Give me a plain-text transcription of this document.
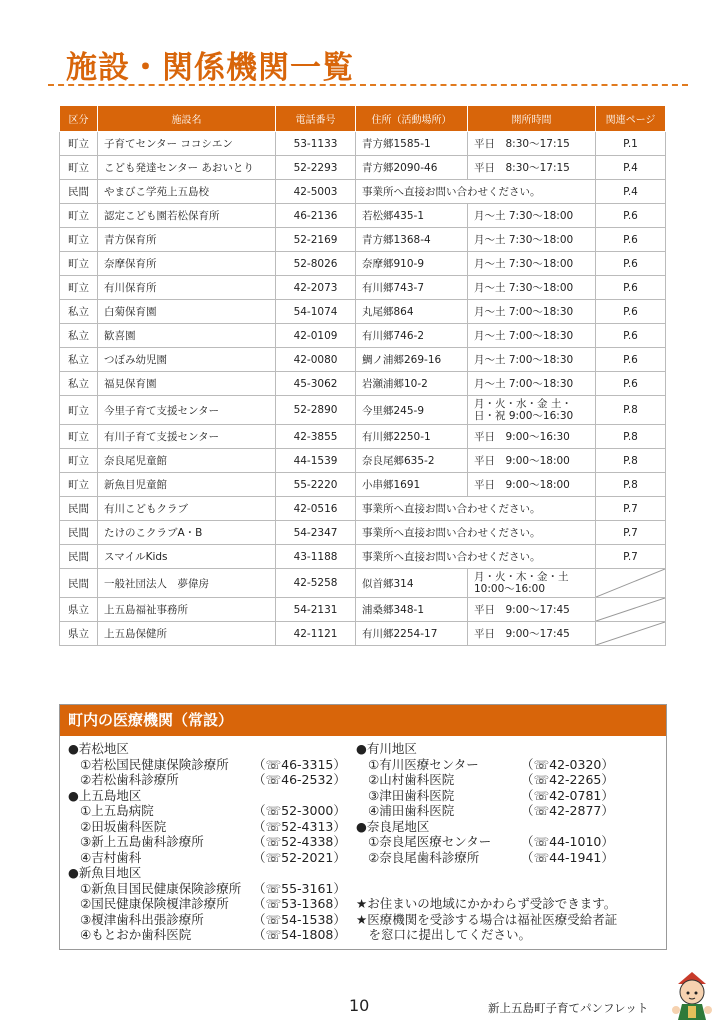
施設・関係機関一覧
区分	施設名	電話番号	住所（活動場所）	開所時間	関連ページ
町立	子育てセンター ココシエン	53-1133	青方郷1585-1	平日　8:30〜17:15	P.1
町立	こども発達センター あおいとり	52-2293	青方郷2090-46	平日　8:30〜17:15	P.4
民間	やまびこ学苑上五島校	42-5003	事業所へ直接お問い合わせください。		P.4
町立	認定こども園若松保育所	46-2136	若松郷435-1	月〜土 7:30〜18:00	P.6
町立	青方保育所	52-2169	青方郷1368-4	月〜土 7:30〜18:00	P.6
町立	奈摩保育所	52-8026	奈摩郷910-9	月〜土 7:30〜18:00	P.6
町立	有川保育所	42-2073	有川郷743-7	月〜土 7:30〜18:00	P.6
私立	白菊保育園	54-1074	丸尾郷864	月〜土 7:00〜18:30	P.6
私立	歓喜園	42-0109	有川郷746-2	月〜土 7:00〜18:30	P.6
私立	つぼみ幼児園	42-0080	鯛ノ浦郷269-16	月〜土 7:00〜18:30	P.6
私立	福見保育園	45-3062	岩瀬浦郷10-2	月〜土 7:00〜18:30	P.6
町立	今里子育て支援センター	52-2890	今里郷245-9	月・火・水・金 土・日・祝 9:00〜16:30	P.8
町立	有川子育て支援センター	42-3855	有川郷2250-1	平日　9:00〜16:30	P.8
町立	奈良尾児童館	44-1539	奈良尾郷635-2	平日　9:00〜18:00	P.8
町立	新魚目児童館	55-2220	小串郷1691	平日　9:00〜18:00	P.8
民間	有川こどもクラブ	42-0516	事業所へ直接お問い合わせください。		P.7
民間	たけのこクラブA・B	54-2347	事業所へ直接お問い合わせください。		P.7
民間	スマイルKids	43-1188	事業所へ直接お問い合わせください。		P.7
民間	一般社団法人　夢偉房	42-5258	似首郷314	月・火・木・金・土 10:00〜16:00	

県立	上五島福祉事務所	54-2131	浦桑郷348-1	平日　9:00〜17:45	

県立	上五島保健所	42-1121	有川郷2254-17	平日　9:00〜17:45	
町内の医療機関（常設）
●若松地区
①若松国民健康保険診療所 （☏46-3315）
②若松歯科診療所	（☏46-2532）
●上五島地区
①上五島病院	（☏52-3000）
②田坂歯科医院	（☏52-4313）
③新上五島歯科診療所	（☏52-4338）
④吉村歯科	（☏52-2021）
●新魚目地区
①新魚目国民健康保険診療所 （☏55-3161）
②国民健康保険榎津診療所 （☏53-1368）
③榎津歯科出張診療所	（☏54-1538）
④もとおか歯科医院	（☏54-1808）
●有川地区
①有川医療センター	（☏42-0320）
②山村歯科医院	（☏42-2265）
③津田歯科医院	（☏42-0781）
④浦田歯科医院	（☏42-2877）
●奈良尾地区
①奈良尾医療センター （☏44-1010）
②奈良尾歯科診療所	（☏44-1941）
★お住まいの地域にかかわらず受診できます。
★医療機関を受診する場合は福祉医療受給者証
　を窓口に提出してください。
10	新上五島町子育てパンフレット
